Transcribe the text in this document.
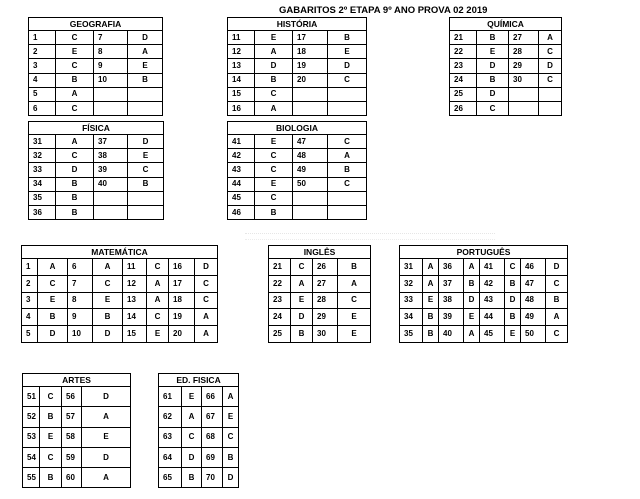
GABARITOS 2º ETAPA 9º ANO PROVA 02 2019
GEOGRAFIA			
1	C	7	D
2	E	8	A
3	C	9	E
4	B	10	B
5	A		
6	C		
HISTÓRIA			
11	E	17	B
12	A	18	E
13	D	19	D
14	B	20	C
15	C		
16	A		
QUÍMICA			
21	B	27	A
22	E	28	C
23	D	29	D
24	B	30	C
25	D		
26	C		
FÍSICA			
31	A	37	D
32	C	38	E
33	D	39	C
34	B	40	B
35	B		
36	B		
BIOLOGIA			
41	E	47	C
42	C	48	A
43	C	49	B
44	E	50	C
45	C		
46	B		
MATEMÁTICA							
1	A	6	A	11	C	16	D
2	C	7	C	12	A	17	C
3	E	8	E	13	A	18	C
4	B	9	B	14	C	19	A
5	D	10	D	15	E	20	A
INGLÊS			
21	C	26	B
22	A	27	A
23	E	28	C
24	D	29	E
25	B	30	E
PORTUGUÊS							
31	A	36	A	41	C	46	D
32	A	37	B	42	B	47	C
33	E	38	D	43	D	48	B
34	B	39	E	44	B	49	A
35	B	40	A	45	E	50	C
ARTES			
51	C	56	D
52	B	57	A
53	E	58	E
54	C	59	D
55	B	60	A
ED. FISICA			
61	E	66	A
62	A	67	E
63	C	68	C
64	D	69	B
65	B	70	D
